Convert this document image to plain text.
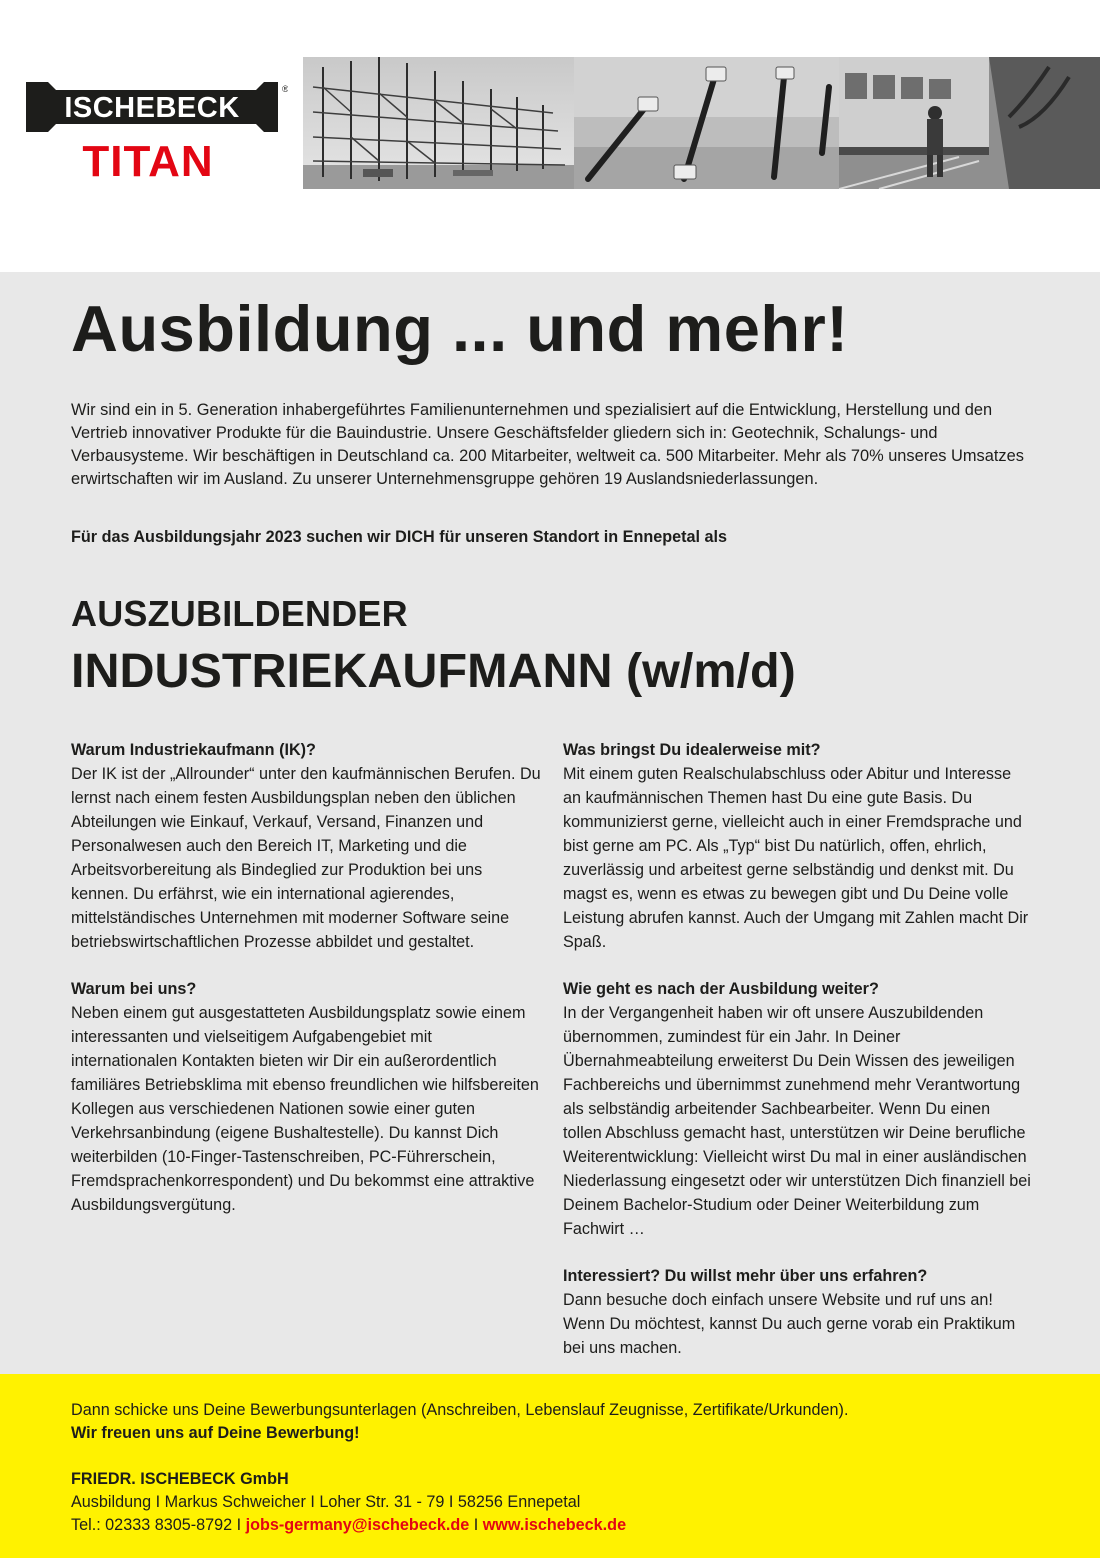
ISCHEBECK
®
TITAN
Ausbildung ... und mehr!

Wir sind ein in 5. Generation inhabergeführtes Familienunternehmen und spezialisiert auf die Entwicklung, Herstellung und den Vertrieb innovativer Produkte für die Bauindustrie. Unsere Geschäftsfelder gliedern sich in: Geotechnik, Schalungs- und Verbausysteme. Wir beschäftigen in Deutschland ca. 200 Mitarbeiter, weltweit ca. 500 Mitarbeiter. Mehr als 70% unseres Umsatzes erwirtschaften wir im Ausland. Zu unserer Unternehmensgruppe gehören 19 Auslandsniederlassungen.

Für das Ausbildungsjahr 2023 suchen wir DICH für unseren Standort in Ennepetal als

AUSZUBILDENDER
INDUSTRIEKAUFMANN (w/m/d)
Warum Industriekaufmann (IK)?

Der IK ist der „Allrounder“ unter den kaufmännischen Berufen. Du lernst nach einem festen Ausbildungsplan neben den üblichen Abteilungen wie Einkauf, Verkauf, Versand, Finanzen und Personalwesen auch den Bereich IT, Marketing und die Arbeitsvorbereitung als Bindeglied zur Produktion bei uns kennen. Du erfährst, wie ein international agierendes, mittelständisches Unternehmen mit moderner Software seine betriebswirtschaftlichen Prozesse abbildet und gestaltet.

Warum bei uns?

Neben einem gut ausgestatteten Ausbildungsplatz sowie einem interessanten und vielseitigem Aufgabengebiet mit internationalen Kontakten bieten wir Dir ein außerordentlich familiäres Betriebsklima mit ebenso freundlichen wie hilfsbereiten Kollegen aus verschiedenen Nationen sowie einer guten Verkehrsanbindung (eigene Bushaltestelle). Du kannst Dich weiterbilden (10-Finger-Tastenschreiben, PC-Führerschein, Fremdsprachenkorrespondent) und Du bekommst eine attraktive Ausbildungsvergütung.

Was bringst Du idealerweise mit?

Mit einem guten Realschulabschluss oder Abitur und Interesse an kaufmännischen Themen hast Du eine gute Basis. Du kommunizierst gerne, vielleicht auch in einer Fremdsprache und bist gerne am PC. Als „Typ“ bist Du natürlich, offen, ehrlich, zuverlässig und arbeitest gerne selbständig und denkst mit. Du magst es, wenn es etwas zu bewegen gibt und Du Deine volle Leistung abrufen kannst. Auch der Umgang mit Zahlen macht Dir Spaß.

Wie geht es nach der Ausbildung weiter?

In der Vergangenheit haben wir oft unsere Auszubildenden übernommen, zumindest für ein Jahr. In Deiner Übernahmeabteilung erweiterst Du Dein Wissen des jeweiligen Fachbereichs und übernimmst zunehmend mehr Verantwortung als selbständig arbeitender Sachbearbeiter. Wenn Du einen tollen Abschluss gemacht hast, unterstützen wir Deine berufliche Weiterentwicklung: Vielleicht wirst Du mal in einer ausländischen Niederlassung eingesetzt oder wir unterstützen Dich finanziell bei Deinem Bachelor-Studium oder Deiner Weiterbildung zum Fachwirt …

Interessiert? Du willst mehr über uns erfahren?

Dann besuche doch einfach unsere Website und ruf uns an! Wenn Du möchtest, kannst Du auch gerne vorab ein Praktikum bei uns machen.

Dann schicke uns Deine Bewerbungsunterlagen (Anschreiben, Lebenslauf Zeugnisse, Zertifikate/Urkunden).
Wir freuen uns auf Deine Bewerbung!
FRIEDR. ISCHEBECK GmbH
Ausbildung I Markus Schweicher I Loher Str. 31 - 79 I 58256 Ennepetal
Tel.: 02333 8305-8792 I jobs-germany@ischebeck.de I www.ischebeck.de
